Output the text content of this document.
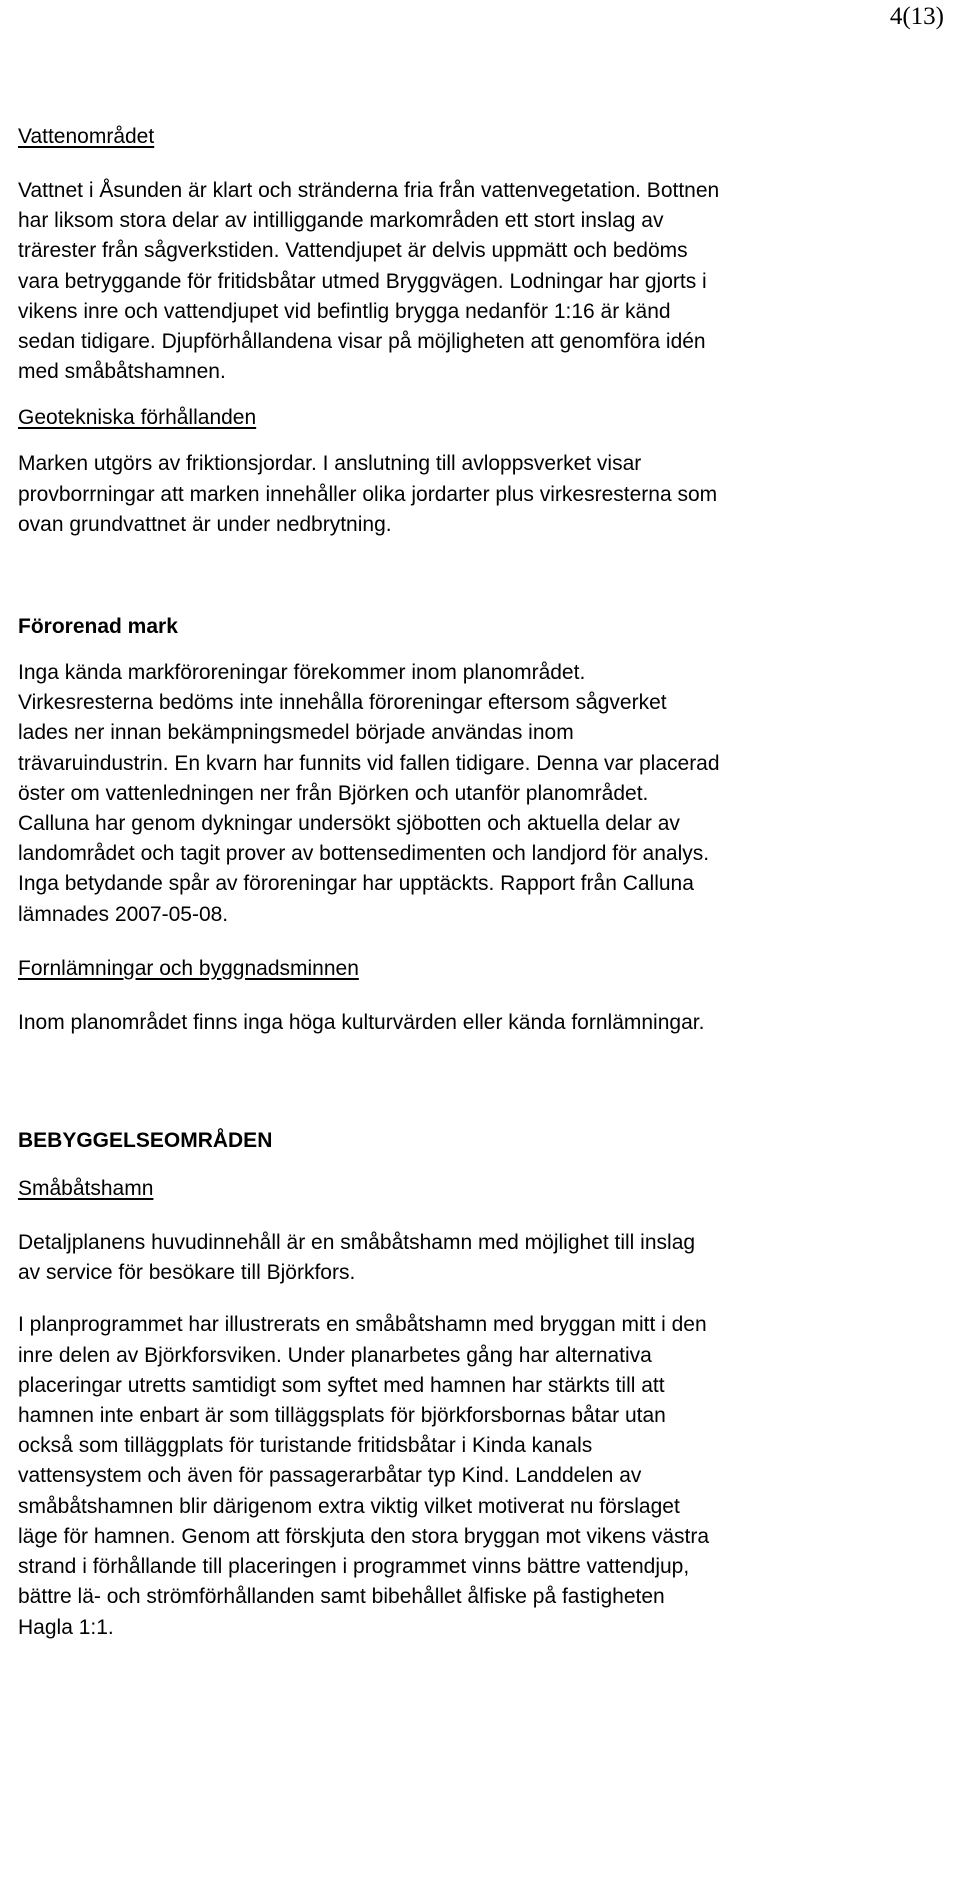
4(13)
Vattenområdet

Vattnet i Åsunden är klart och stränderna fria från vattenvegetation. Bottnen
har liksom stora delar av intilliggande markområden ett stort inslag av
trärester från sågverkstiden. Vattendjupet är delvis uppmätt och bedöms
vara betryggande för fritidsbåtar utmed Bryggvägen. Lodningar har gjorts i
vikens inre och vattendjupet vid befintlig brygga nedanför 1:16 är känd
sedan tidigare. Djupförhållandena visar på möjligheten att genomföra idén
med småbåtshamnen.

Geotekniska förhållanden

Marken utgörs av friktionsjordar. I anslutning till avloppsverket visar
provborrningar att marken innehåller olika jordarter plus virkesresterna som
ovan grundvattnet är under nedbrytning.

Förorenad mark

Inga kända markföroreningar förekommer inom planområdet.
Virkesresterna bedöms inte innehålla föroreningar eftersom sågverket
lades ner innan bekämpningsmedel började användas inom
trävaruindustrin. En kvarn har funnits vid fallen tidigare. Denna var placerad
öster om vattenledningen ner från Björken och utanför planområdet.
Calluna har genom dykningar undersökt sjöbotten och aktuella delar av
landområdet och tagit prover av bottensedimenten och landjord för analys.
Inga betydande spår av föroreningar har upptäckts. Rapport från Calluna
lämnades 2007-05-08.

Fornlämningar och byggnadsminnen

Inom planområdet finns inga höga kulturvärden eller kända fornlämningar.

BEBYGGELSEOMRÅDEN
Småbåtshamn

Detaljplanens huvudinnehåll är en småbåtshamn med möjlighet till inslag
av service för besökare till Björkfors.

I planprogrammet har illustrerats en småbåtshamn med bryggan mitt i den
inre delen av Björkforsviken. Under planarbetes gång har alternativa
placeringar utretts samtidigt som syftet med hamnen har stärkts till att
hamnen inte enbart är som tilläggsplats för björkforsbornas båtar utan
också som tilläggplats för turistande fritidsbåtar i Kinda kanals
vattensystem och även för passagerarbåtar typ Kind. Landdelen av
småbåtshamnen blir därigenom extra viktig vilket motiverat nu förslaget
läge för hamnen. Genom att förskjuta den stora bryggan mot vikens västra
strand i förhållande till placeringen i programmet vinns bättre vattendjup,
bättre lä- och strömförhållanden samt bibehållet ålfiske på fastigheten
Hagla 1:1.
